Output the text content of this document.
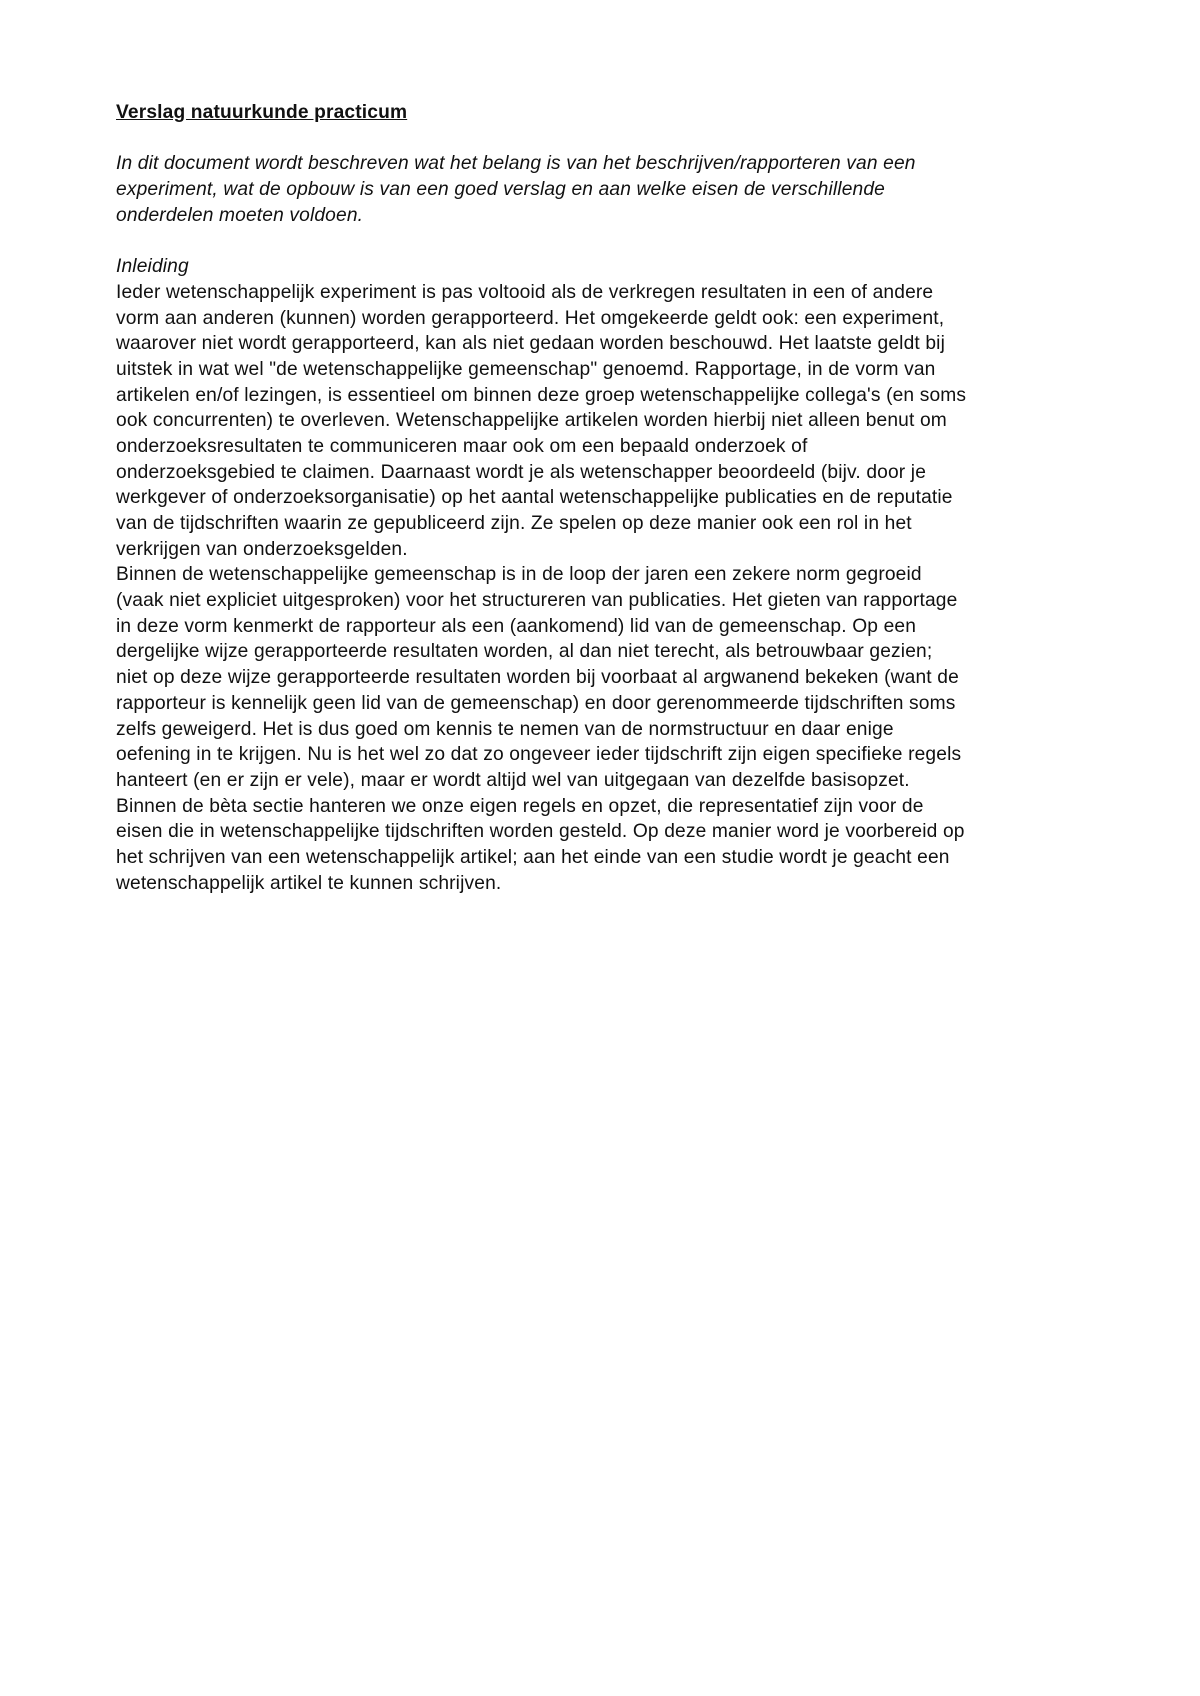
Verslag natuurkunde practicum
In dit document wordt beschreven wat het belang is van het beschrijven/rapporteren van een
experiment, wat de opbouw is van een goed verslag en aan welke eisen de verschillende
onderdelen moeten voldoen.
Inleiding
Ieder wetenschappelijk experiment is pas voltooid als de verkregen resultaten in een of andere
vorm aan anderen (kunnen) worden gerapporteerd. Het omgekeerde geldt ook: een experiment,
waarover niet wordt gerapporteerd, kan als niet gedaan worden beschouwd. Het laatste geldt bij
uitstek in wat wel "de wetenschappelijke gemeenschap" genoemd. Rapportage, in de vorm van
artikelen en/of lezingen, is essentieel om binnen deze groep wetenschappelijke collega's (en soms
ook concurrenten) te overleven. Wetenschappelijke artikelen worden hierbij niet alleen benut om
onderzoeksresultaten te communiceren maar ook om een bepaald onderzoek of
onderzoeksgebied te claimen. Daarnaast wordt je als wetenschapper beoordeeld (bijv. door je
werkgever of onderzoeksorganisatie) op het aantal wetenschappelijke publicaties en de reputatie
van de tijdschriften waarin ze gepubliceerd zijn. Ze spelen op deze manier ook een rol in het
verkrijgen van onderzoeksgelden.
Binnen de wetenschappelijke gemeenschap is in de loop der jaren een zekere norm gegroeid
(vaak niet expliciet uitgesproken) voor het structureren van publicaties. Het gieten van rapportage
in deze vorm kenmerkt de rapporteur als een (aankomend) lid van de gemeenschap. Op een
dergelijke wijze gerapporteerde resultaten worden, al dan niet terecht, als betrouwbaar gezien;
niet op deze wijze gerapporteerde resultaten worden bij voorbaat al argwanend bekeken (want de
rapporteur is kennelijk geen lid van de gemeenschap) en door gerenommeerde tijdschriften soms
zelfs geweigerd. Het is dus goed om kennis te nemen van de normstructuur en daar enige
oefening in te krijgen. Nu is het wel zo dat zo ongeveer ieder tijdschrift zijn eigen specifieke regels
hanteert (en er zijn er vele), maar er wordt altijd wel van uitgegaan van dezelfde basisopzet.
Binnen de bèta sectie hanteren we onze eigen regels en opzet, die representatief zijn voor de
eisen die in wetenschappelijke tijdschriften worden gesteld. Op deze manier word je voorbereid op
het schrijven van een wetenschappelijk artikel; aan het einde van een studie wordt je geacht een
wetenschappelijk artikel te kunnen schrijven.
